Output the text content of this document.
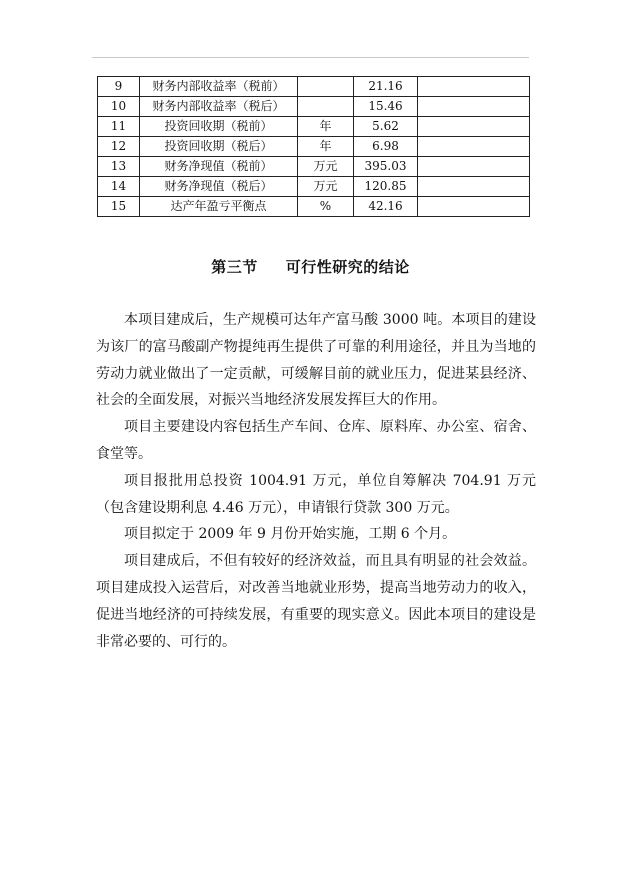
9	财务内部收益率（税前）		21.16	
10	财务内部收益率（税后）		15.46	
11	投资回收期（税前）	年	5.62	
12	投资回收期（税后）	年	6.98	
13	财务净现值（税前）	万元	395.03	
14	财务净现值（税后）	万元	120.85	
15	达产年盈亏平衡点	%	42.16	
第三节 可行性研究的结论

本项目建成后，生产规模可达年产富马酸 3000 吨。本项目的建设为该厂的富马酸副产物提纯再生提供了可靠的利用途径，并且为当地的劳动力就业做出了一定贡献，可缓解目前的就业压力，促进某县经济、社会的全面发展，对振兴当地经济发展发挥巨大的作用。

项目主要建设内容包括生产车间、仓库、原料库、办公室、宿舍、食堂等。

项目报批用总投资 1004.91 万元，单位自筹解决 704.91 万元（包含建设期利息 4.46 万元），申请银行贷款 300 万元。

项目拟定于 2009 年 9 月份开始实施，工期 6 个月。

项目建成后，不但有较好的经济效益，而且具有明显的社会效益。项目建成投入运营后，对改善当地就业形势，提高当地劳动力的收入，促进当地经济的可持续发展，有重要的现实意义。因此本项目的建设是非常必要的、可行的。
